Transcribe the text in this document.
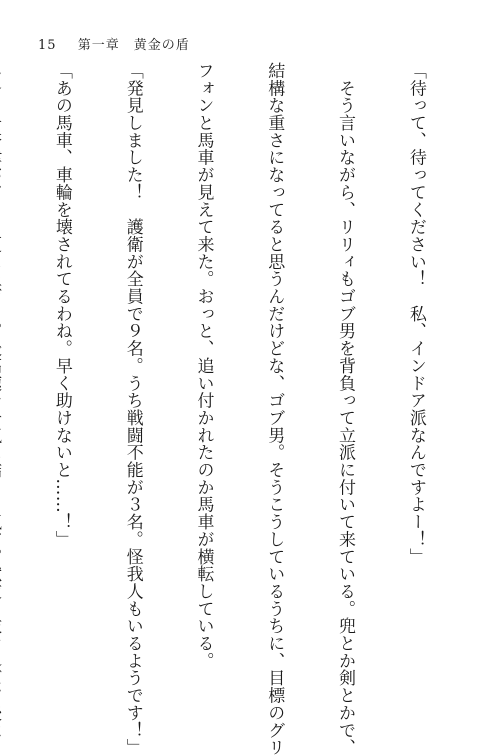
15 第一章　黄金の盾

「待って、待ってください！　私、インドア派なんですよー！」

　そう言いながら、リリィもゴブ男を背負って立派に付いて来ている。兜とか剣とかで、

結構な重さになってると思うんだけどな、ゴブ男。そうこうしているうちに、目標のグリ

フォンと馬車が見えて来た。おっと、追い付かれたのか馬車が横転している。

「発見しました！　護衛が全員で９名。うち戦闘不能が３名。怪我人もいるようです！」

「あの馬車、車輪を壊されてるわね。早く助けないと……！」
